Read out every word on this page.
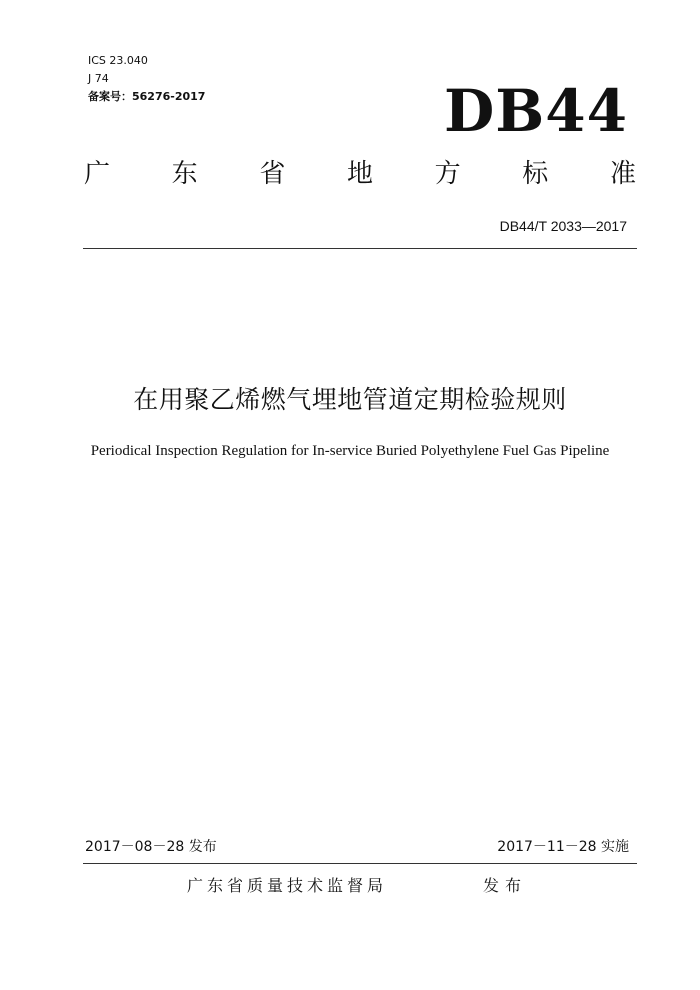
ICS 23.040
J 74
备案号：56276-2017	DB44
广 东 省 地 方 标 准
DB44/T 2033—2017
在用聚乙烯燃气埋地管道定期检验规则
Periodical Inspection Regulation for In-service Buried Polyethylene Fuel Gas Pipeline
2017－08－28 发布	2017－11－28 实施
广东省质量技术监督局	发布
